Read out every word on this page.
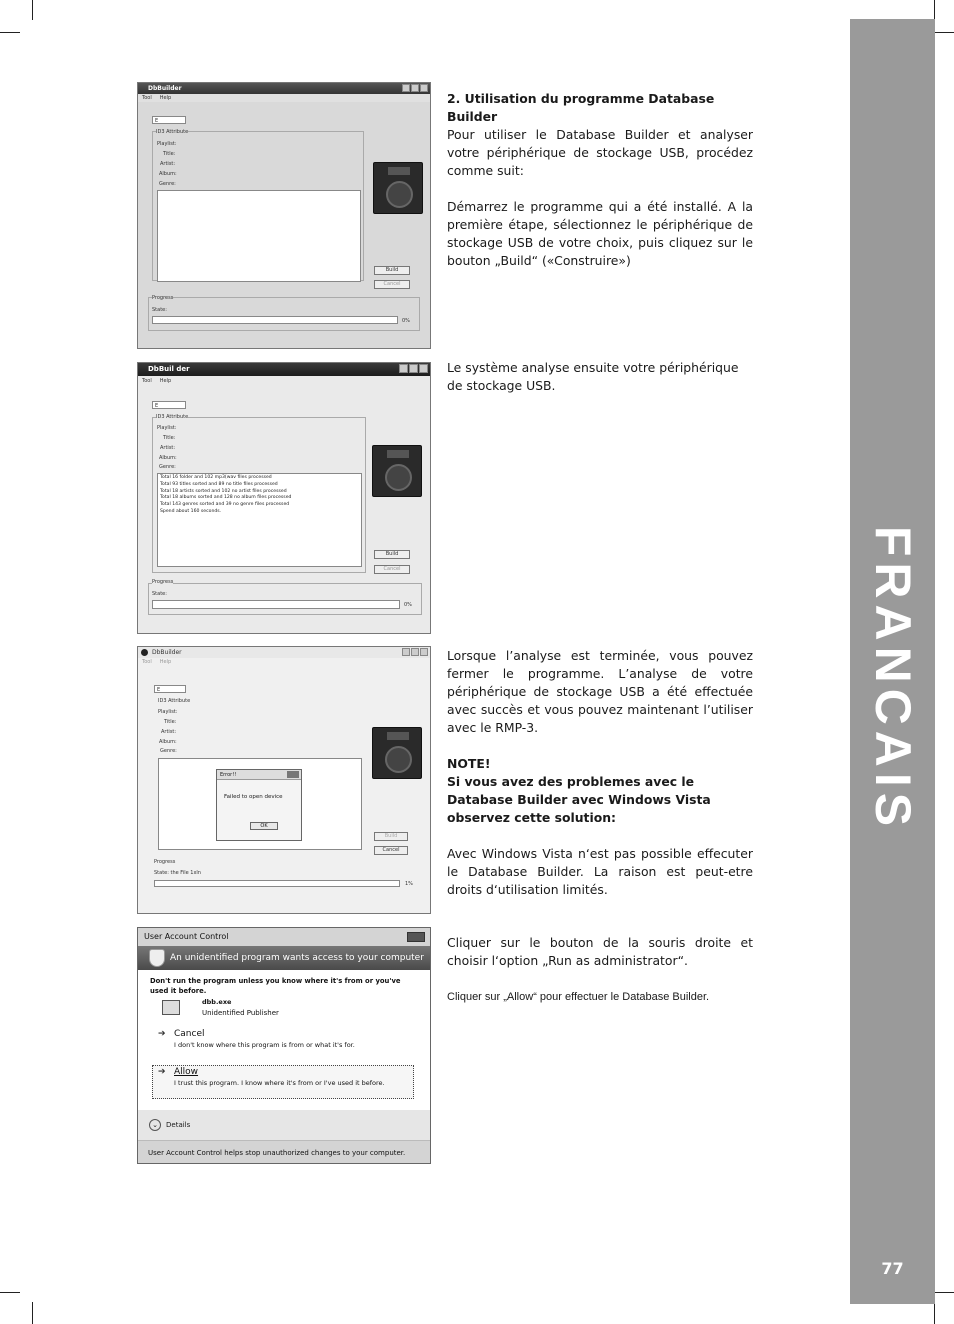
FRANCAIS
77
DbBuilder
Tool Help
E
ID3 Attribute
Playlist:
Title:
Artist:
Album:
Genre:
Build
Cancel
Progress
State:
0%
DbBuil der
Tool Help
E
ID3 Attribute
Playlist:
Title:
Artist:
Album:
Genre:
Total 16 folder and 102 mp3(wav files processed
Total 93 titles sorted and 89 no title files processed
Total 18 artists sorted and 102 no artist files processed
Total 18 albums sorted and 128 no album files processed
Total 143 genres sorted and 39 no genre files processed
Spend about 160 seconds.
Build
Cancel
Progress
State:
0%
DbBuilder
Tool Help
E
ID3 Attribute
Playlist:
Title:
Artist:
Album:
Genre:
Error!!
Failed to open device
OK
Build
Cancel
Progress
State: the File 1xln
1%
User Account Control
An unidentified program wants access to your computer
Don't run the program unless you know where it's from or you've used it before.
dbb.exe
Unidentified Publisher
➔ Cancel
I don't know where this program is from or what it's for.
➔ Allow
I trust this program. I know where it's from or I've used it before.
⌄	Details
User Account Control helps stop unauthorized changes to your computer.

2. Utilisation du programme Database Builder

Pour utiliser le Database Builder et analyser votre périphérique de stockage USB, procédez comme suit:

Démarrez le programme qui a été installé. A la première étape, sélectionnez le périphérique de stockage USB de votre choix, puis cliquez sur le bouton „Build“ («Construire»)

Le système analyse ensuite votre périphérique de stockage USB.

Lorsque l’analyse est terminée, vous pouvez fermer le programme. L’analyse de votre périphérique de stockage USB a été effectuée avec succès et vous pouvez maintenant l’utiliser avec le RMP-3.

NOTE!

Si vous avez des problemes avec le Database Builder avec Windows Vista observez cette solution:

Avec Windows Vista n‘est pas possible effecuter le Database Builder. La raison est peut-etre droits d‘utilisation limités.

Cliquer sur le bouton de la souris droite et choisir l‘option „Run as administrator“.

Cliquer sur „Allow“ pour effectuer le Database Builder.
